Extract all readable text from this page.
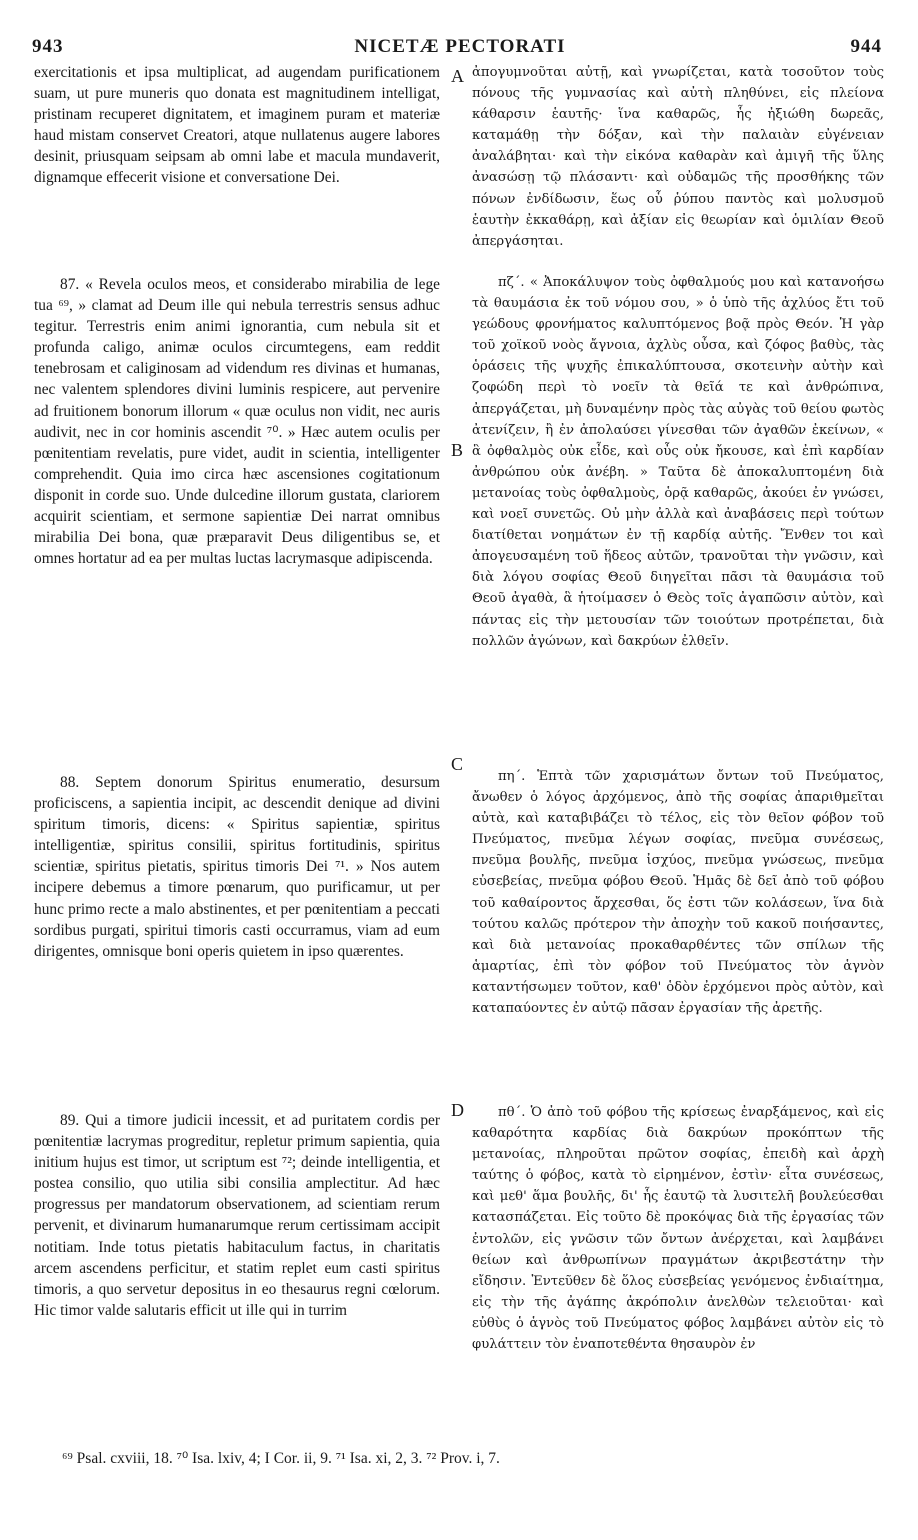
943	NICETÆ PECTORATI	944

exercitationis et ipsa multiplicat, ad augendam purificationem suam, ut pure muneris quo donata est magnitudinem intelligat, pristinam recuperet dignitatem, et imaginem puram et materiæ haud mistam conservet Creatori, atque nullatenus augere labores desinit, priusquam seipsam ab omni labe et macula mundaverit, dignamque effecerit visione et conversatione Dei.

87. « Revela oculos meos, et considerabo mirabilia de lege tua ⁶⁹, » clamat ad Deum ille qui nebula terrestris sensus adhuc tegitur. Terrestris enim animi ignorantia, cum nebula sit et profunda caligo, animæ oculos circumtegens, eam reddit tenebrosam et caliginosam ad videndum res divinas et humanas, nec valentem splendores divini luminis respicere, aut pervenire ad fruitionem bonorum illorum « quæ oculus non vidit, nec auris audivit, nec in cor hominis ascendit ⁷⁰. » Hæc autem oculis per pœnitentiam revelatis, pure videt, audit in scientia, intelligenter comprehendit. Quia imo circa hæc ascensiones cogitationum disponit in corde suo. Unde dulcedine illorum gustata, clariorem acquirit scientiam, et sermone sapientiæ Dei narrat omnibus mirabilia Dei bona, quæ præparavit Deus diligentibus se, et omnes hortatur ad ea per multas luctas lacrymasque adipiscenda.

88. Septem donorum Spiritus enumeratio, desursum proficiscens, a sapientia incipit, ac descendit denique ad divini spiritum timoris, dicens: « Spiritus sapientiæ, spiritus intelligentiæ, spiritus consilii, spiritus fortitudinis, spiritus scientiæ, spiritus pietatis, spiritus timoris Dei ⁷¹. » Nos autem incipere debemus a timore pœnarum, quo purificamur, ut per hunc primo recte a malo abstinentes, et per pœnitentiam a peccati sordibus purgati, spiritui timoris casti occurramus, viam ad eum dirigentes, omnisque boni operis quietem in ipso quærentes.

89. Qui a timore judicii incessit, et ad puritatem cordis per pœnitentiæ lacrymas progreditur, repletur primum sapientia, quia initium hujus est timor, ut scriptum est ⁷²; deinde intelligentia, et postea consilio, quo utilia sibi consilia amplectitur. Ad hæc progressus per mandatorum observationem, ad scientiam rerum pervenit, et divinarum humanarumque rerum certissimam accipit notitiam. Inde totus pietatis habitaculum factus, in charitatis arcem ascendens perficitur, et statim replet eum casti spiritus timoris, a quo servetur depositus in eo thesaurus regni cœlorum. Hic timor valde salutaris efficit ut ille qui in turrim

A
B
C
D

ἀπογυμνοῦται αὐτῇ, καὶ γνωρίζεται, κατὰ τοσοῦτον τοὺς πόνους τῆς γυμνασίας καὶ αὐτὴ πληθύνει, εἰς πλείονα κάθαρσιν ἑαυτῆς· ἵνα καθαρῶς, ἧς ἠξιώθη δωρεᾶς, καταμάθῃ τὴν δόξαν, καὶ τὴν παλαιὰν εὐγένειαν ἀναλάβηται· καὶ τὴν εἰκόνα καθαρὰν καὶ ἀμιγῆ τῆς ὕλης ἀνασώσῃ τῷ πλάσαντι· καὶ οὐδαμῶς τῆς προσθήκης τῶν πόνων ἐνδίδωσιν, ἕως οὗ ῥύπου παντὸς καὶ μολυσμοῦ ἑαυτὴν ἐκκαθάρῃ, καὶ ἀξίαν εἰς θεωρίαν καὶ ὁμιλίαν Θεοῦ ἀπεργάσηται.

πζ΄. « Ἀποκάλυψον τοὺς ὀφθαλμούς μου καὶ κατανοήσω τὰ θαυμάσια ἐκ τοῦ νόμου σου, » ὁ ὑπὸ τῆς ἀχλύος ἔτι τοῦ γεώδους φρονήματος καλυπτόμενος βοᾷ πρὸς Θεόν. Ἡ γὰρ τοῦ χοϊκοῦ νοὸς ἄγνοια, ἀχλὺς οὖσα, καὶ ζόφος βαθὺς, τὰς ὁράσεις τῆς ψυχῆς ἐπικαλύπτουσα, σκοτεινὴν αὐτὴν καὶ ζοφώδη περὶ τὸ νοεῖν τὰ θεῖά τε καὶ ἀνθρώπινα, ἀπεργάζεται, μὴ δυναμένην πρὸς τὰς αὐγὰς τοῦ θείου φωτὸς ἀτενίζειν, ἢ ἐν ἀπολαύσει γίνεσθαι τῶν ἀγαθῶν ἐκείνων, « ἃ ὀφθαλμὸς οὐκ εἶδε, καὶ οὖς οὐκ ἤκουσε, καὶ ἐπὶ καρδίαν ἀνθρώπου οὐκ ἀνέβη. » Ταῦτα δὲ ἀποκαλυπτομένη διὰ μετανοίας τοὺς ὀφθαλμοὺς, ὁρᾷ καθαρῶς, ἀκούει ἐν γνώσει, καὶ νοεῖ συνετῶς. Οὐ μὴν ἀλλὰ καὶ ἀναβάσεις περὶ τούτων διατίθεται νοημάτων ἐν τῇ καρδίᾳ αὐτῆς. Ἔνθεν τοι καὶ ἀπογευσαμένη τοῦ ἥδεος αὐτῶν, τρανοῦται τὴν γνῶσιν, καὶ διὰ λόγου σοφίας Θεοῦ διηγεῖται πᾶσι τὰ θαυμάσια τοῦ Θεοῦ ἀγαθὰ, ἃ ἡτοίμασεν ὁ Θεὸς τοῖς ἀγαπῶσιν αὐτὸν, καὶ πάντας εἰς τὴν μετουσίαν τῶν τοιούτων προτρέπεται, διὰ πολλῶν ἀγώνων, καὶ δακρύων ἐλθεῖν.

πη΄. Ἑπτὰ τῶν χαρισμάτων ὄντων τοῦ Πνεύματος, ἄνωθεν ὁ λόγος ἀρχόμενος, ἀπὸ τῆς σοφίας ἀπαριθμεῖται αὐτὰ, καὶ καταβιβάζει τὸ τέλος, εἰς τὸν θεῖον φόβον τοῦ Πνεύματος, πνεῦμα λέγων σοφίας, πνεῦμα συνέσεως, πνεῦμα βουλῆς, πνεῦμα ἰσχύος, πνεῦμα γνώσεως, πνεῦμα εὐσεβείας, πνεῦμα φόβου Θεοῦ. Ἡμᾶς δὲ δεῖ ἀπὸ τοῦ φόβου τοῦ καθαίροντος ἄρχεσθαι, ὅς ἐστι τῶν κολάσεων, ἵνα διὰ τούτου καλῶς πρότερον τὴν ἀποχὴν τοῦ κακοῦ ποιήσαντες, καὶ διὰ μετανοίας προκαθαρθέντες τῶν σπίλων τῆς ἁμαρτίας, ἐπὶ τὸν φόβον τοῦ Πνεύματος τὸν ἁγνὸν καταντήσωμεν τοῦτον, καθ' ὁδὸν ἐρχόμενοι πρὸς αὐτὸν, καὶ καταπαύοντες ἐν αὐτῷ πᾶσαν ἐργασίαν τῆς ἀρετῆς.

πθ΄. Ὁ ἀπὸ τοῦ φόβου τῆς κρίσεως ἐναρξάμενος, καὶ εἰς καθαρότητα καρδίας διὰ δακρύων προκόπτων τῆς μετανοίας, πληροῦται πρῶτον σοφίας, ἐπειδὴ καὶ ἀρχὴ ταύτης ὁ φόβος, κατὰ τὸ εἰρημένον, ἐστὶν· εἶτα συνέσεως, καὶ μεθ' ἅμα βουλῆς, δι' ἧς ἑαυτῷ τὰ λυσιτελῆ βουλεύεσθαι κατασπάζεται. Εἰς τοῦτο δὲ προκόψας διὰ τῆς ἐργασίας τῶν ἐντολῶν, εἰς γνῶσιν τῶν ὄντων ἀνέρχεται, καὶ λαμβάνει θείων καὶ ἀνθρωπίνων πραγμάτων ἀκριβεστάτην τὴν εἴδησιν. Ἐντεῦθεν δὲ ὅλος εὐσεβείας γενόμενος ἐνδιαίτημα, εἰς τὴν τῆς ἀγάπης ἀκρόπολιν ἀνελθὼν τελειοῦται· καὶ εὐθὺς ὁ ἁγνὸς τοῦ Πνεύματος φόβος λαμβάνει αὐτὸν εἰς τὸ φυλάττειν τὸν ἐναποτεθέντα θησαυρὸν ἐν

⁶⁹ Psal. cxviii, 18. ⁷⁰ Isa. lxiv, 4; I Cor. ii, 9. ⁷¹ Isa. xi, 2, 3. ⁷² Prov. i, 7.
